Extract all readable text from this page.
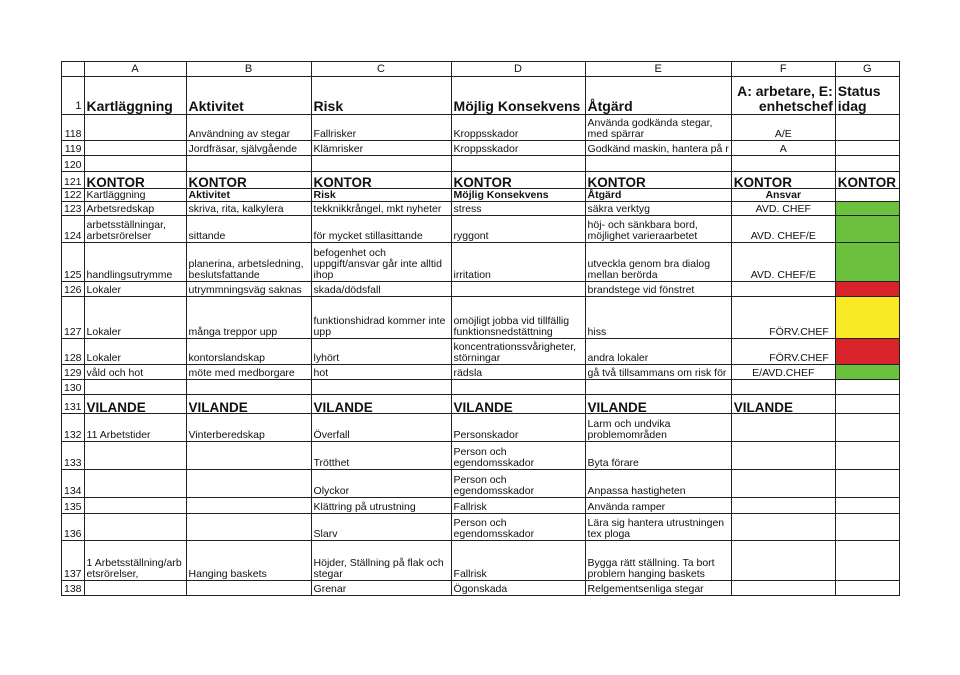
	A	B	C	D	E	F	G
1	Kartläggning	Aktivitet	Risk	Möjlig Konsekvens	Åtgärd	A: arbetare, E: enhetschef	Status idag
118		Användning av stegar	Fallrisker	Kroppsskador	Använda godkända stegar, med spärrar	A/E	
119		Jordfräsar, självgående	Klämrisker	Kroppsskador	Godkänd maskin, hantera på r	A	
120							
121	KONTOR	KONTOR	KONTOR	KONTOR	KONTOR	KONTOR	KONTOR
122	Kartläggning	Aktivitet	Risk	Möjlig Konsekvens	Åtgärd	Ansvar	
123	Arbetsredskap	skriva, rita, kalkylera	tekknikkrångel, mkt nyheter	stress	säkra verktyg	AVD. CHEF	
124	arbetsställningar, arbetsrörelser	sittande	för mycket stillasittande	ryggont	höj- och sänkbara bord, möjlighet varieraarbetet	AVD. CHEF/E	
125	handlingsutrymme	planerina, arbetsledning, beslutsfattande	befogenhet och uppgift/ansvar går inte alltid ihop	irritation	utveckla genom bra dialog mellan berörda	AVD. CHEF/E	
126	Lokaler	utrymmningsväg saknas	skada/dödsfall		brandstege vid fönstret		
127	Lokaler	många treppor upp	funktionshidrad kommer inte upp	omöjligt jobba vid tillfällig funktionsnedstättning	hiss	FÖRV.CHEF	
128	Lokaler	kontorslandskap	lyhört	koncentrationssvårigheter, störningar	andra lokaler	FÖRV.CHEF	
129	våld och hot	möte med medborgare	hot	rädsla	gå två tillsammans om risk för	E/AVD.CHEF	
130							
131	VILANDE	VILANDE	VILANDE	VILANDE	VILANDE	VILANDE	
132	11 Arbetstider	Vinterberedskap	Överfall	Personskador	Larm och undvika problemområden		
133			Trötthet	Person och egendomsskador	Byta förare		
134			Olyckor	Person och egendomsskador	Anpassa hastigheten		
135			Klättring på utrustning	Fallrisk	Använda ramper		
136			Slarv	Person och egendomsskador	Lära sig hantera utrustningen tex ploga		
137	1 Arbetsställning/arbetsrörelser,	Hanging baskets	Höjder, Ställning på flak och stegar	Fallrisk	Bygga rätt ställning. Ta bort problem hanging baskets		
138			Grenar	Ögonskada	Relgementsenliga stegar		
